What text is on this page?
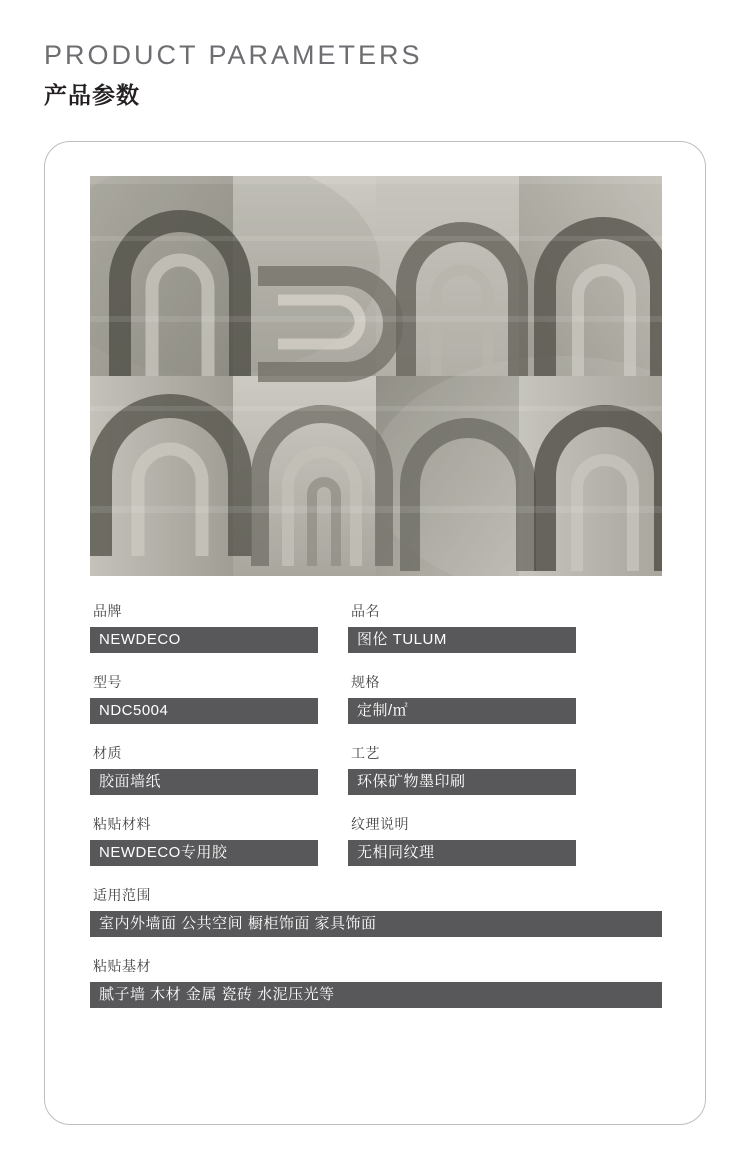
PRODUCT PARAMETERS
产品参数
品牌
NEWDECO
品名
图伦 TULUM
型号
NDC5004
规格
定制/㎡
材质
胶面墙纸
工艺
环保矿物墨印刷
粘贴材料
NEWDECO专用胶
纹理说明
无相同纹理
适用范围
室内外墙面 公共空间 橱柜饰面 家具饰面
粘贴基材
腻子墙 木材 金属 瓷砖 水泥压光等
